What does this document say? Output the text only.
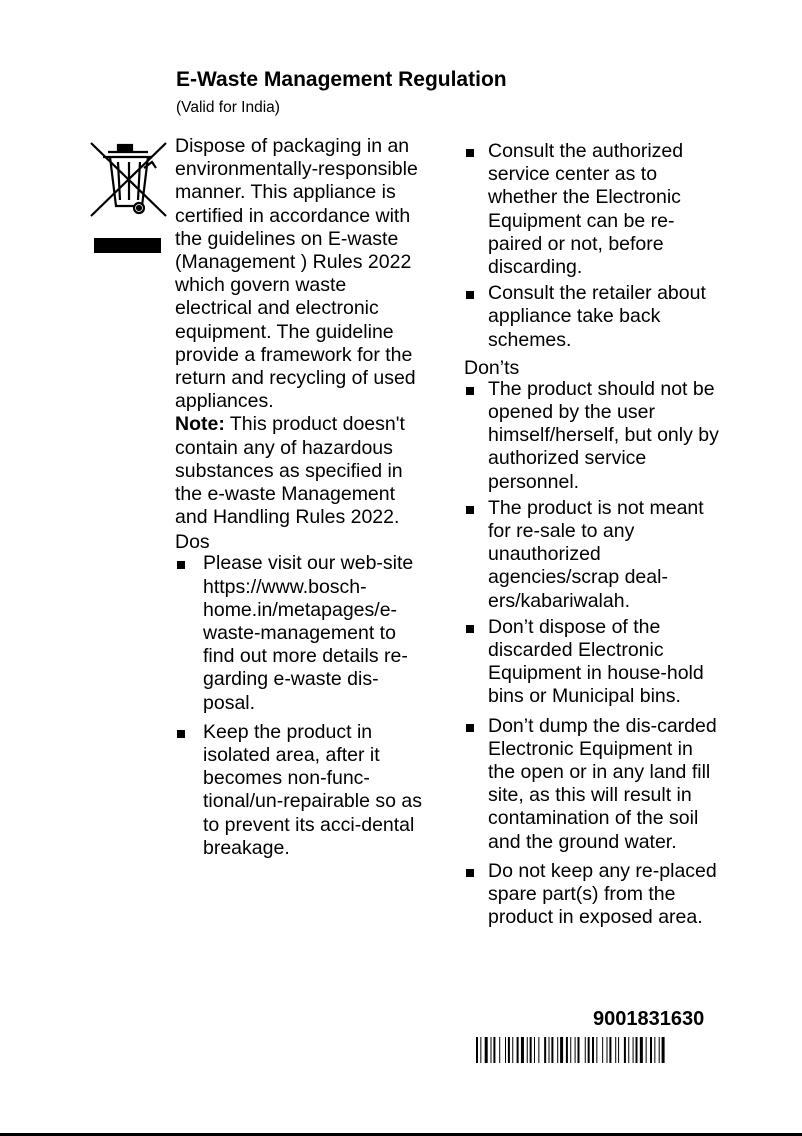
E-Waste Management Regulation
(Valid for India)

Dispose of packaging in an environmentally-responsible manner. This appliance is certified in accordance with the guidelines on E-waste (Management ) Rules 2022 which govern waste electrical and electronic equipment. The guideline provide a framework for the return and recycling of used appliances.

Note: This product doesn't contain any of hazardous substances as specified in the e-waste Management and Handling Rules 2022.

Dos
Please visit our web-site https://www.bosch-home.in/metapages/e-waste-management to find out more details re-garding e-waste dis-posal.
Keep the product in isolated area, after it becomes non-func-tional/un-repairable so as to prevent its acci-dental breakage.
Consult the authorized service center as to whether the Electronic Equipment can be re-paired or not, before discarding.
Consult the retailer about appliance take back schemes.
Don’ts
The product should not be opened by the user himself/herself, but only by authorized service personnel.
The product is not meant for re-sale to any unauthorized agencies/scrap deal-ers/kabariwalah.
Don’t dispose of the discarded Electronic Equipment in house-hold bins or Municipal bins.
Don’t dump the dis-carded Electronic Equipment in the open or in any land fill site, as this will result in contamination of the soil and the ground water.
Do not keep any re-placed spare part(s) from the product in exposed area.
9001831630
